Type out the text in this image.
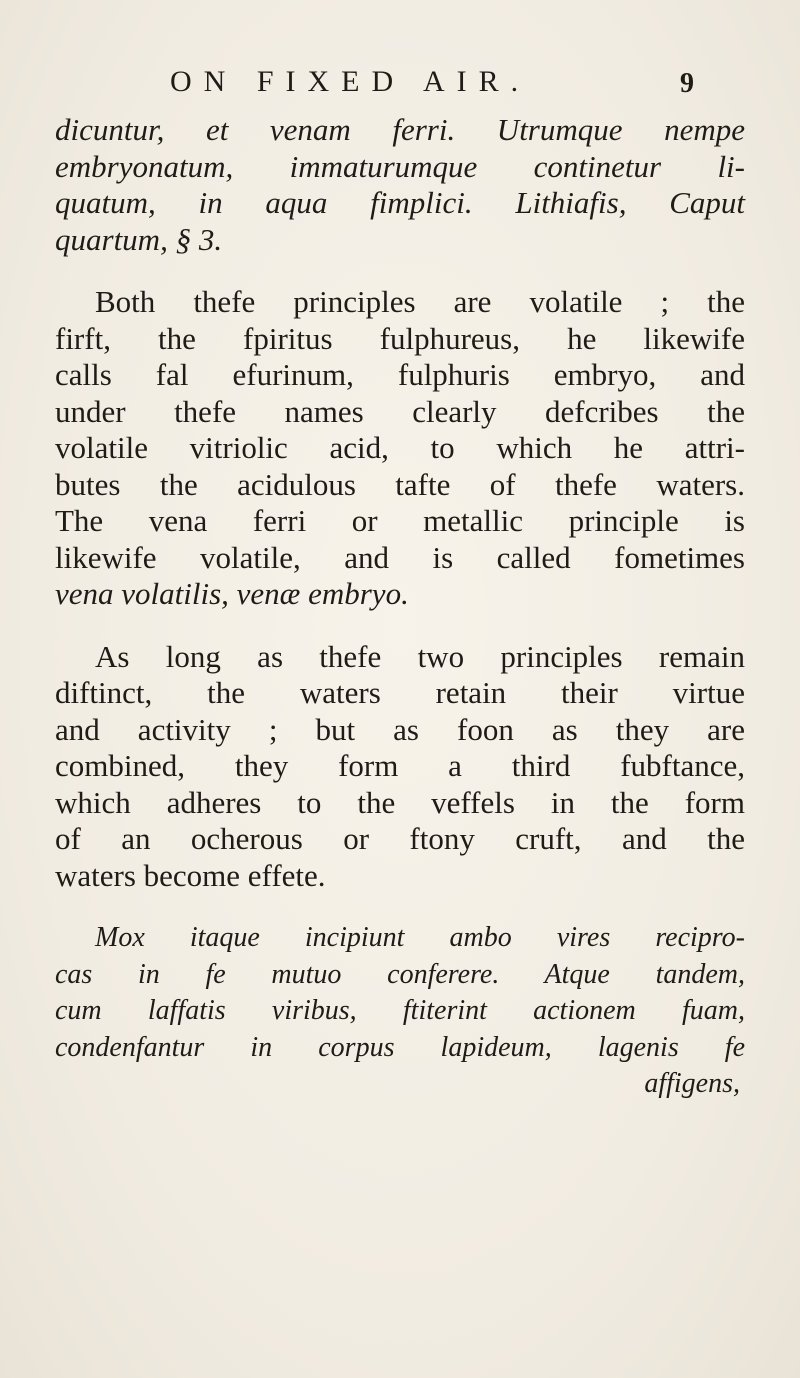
ON FIXED AIR.	9
dicuntur, et venam ferri. Utrumque nempe
embryonatum, immaturumque continetur li-
quatum, in aqua fimplici. Lithiafis, Caput
quartum, § 3.
Both thefe principles are volatile ; the
firft, the fpiritus fulphureus, he likewife
calls fal efurinum, fulphuris embryo, and
under thefe names clearly defcribes the
volatile vitriolic acid, to which he attri-
butes the acidulous tafte of thefe waters.
The vena ferri or metallic principle is
likewife volatile, and is called fometimes
vena volatilis, venæ embryo.
As long as thefe two principles remain
diftinct, the waters retain their virtue
and activity ; but as foon as they are
combined, they form a third fubftance,
which adheres to the veffels in the form
of an ocherous or ftony cruft, and the
waters become effete.
Mox itaque incipiunt ambo vires recipro-
cas in fe mutuo conferere. Atque tandem,
cum laffatis viribus, ftiterint actionem fuam,
condenfantur in corpus lapideum, lagenis fe
affigens,
